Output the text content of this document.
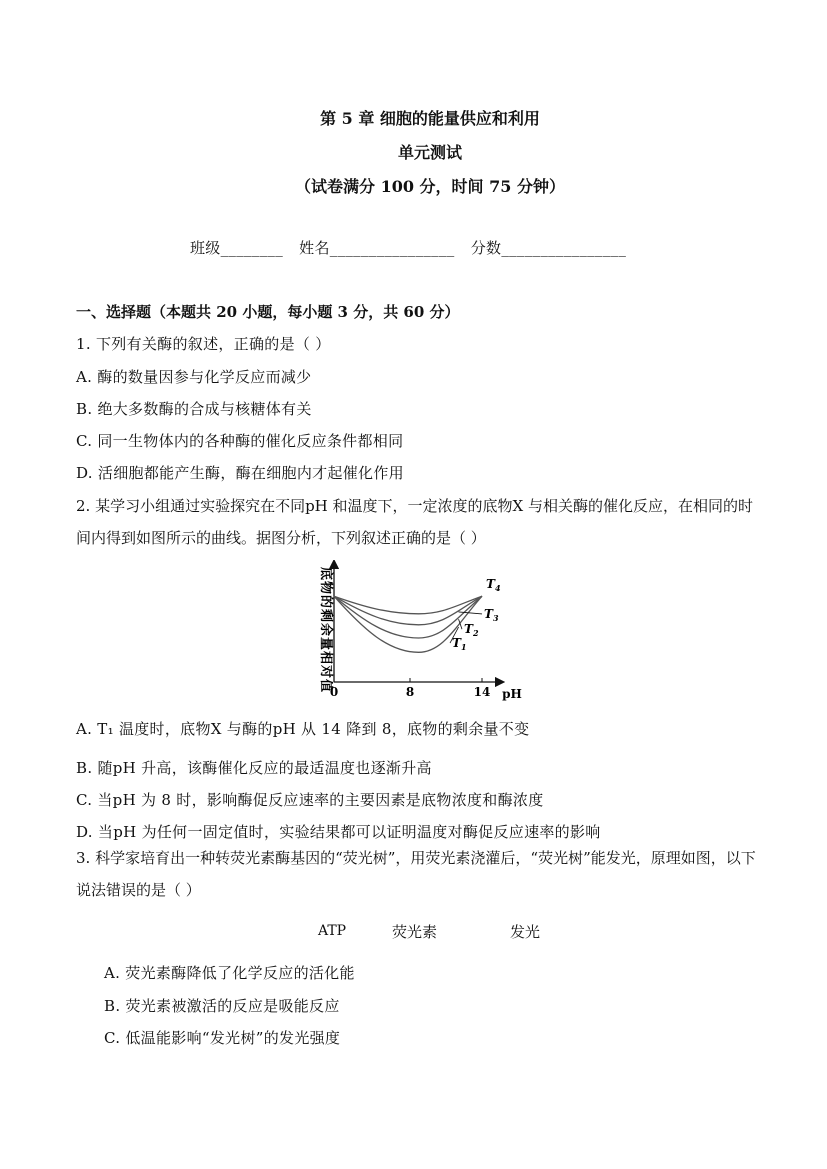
第 5 章 细胞的能量供应和利用
单元测试
（试卷满分 100 分，时间 75 分钟）
班级________ 姓名________________ 分数________________
一、选择题（本题共 20 小题，每小题 3 分，共 60 分）
1. 下列有关酶的叙述，正确的是（ ）
A. 酶的数量因参与化学反应而减少
B. 绝大多数酶的合成与核糖体有关
C. 同一生物体内的各种酶的催化反应条件都相同
D. 活细胞都能产生酶，酶在细胞内才起催化作用
2. 某学习小组通过实验探究在不同pH 和温度下，一定浓度的底物X 与相关酶的催化反应，在相同的时间内得到如图所示的曲线。据图分析，下列叙述正确的是（ ）
底物的剩余量相对值
0	8	14 pH
$T_4$
$T_3$
$T_2$
$T_1$
A. T₁ 温度时，底物X 与酶的pH 从 14 降到 8，底物的剩余量不变
B. 随pH 升高，该酶催化反应的最适温度也逐渐升高
C. 当pH 为 8 时，影响酶促反应速率的主要因素是底物浓度和酶浓度
D. 当pH 为任何一固定值时，实验结果都可以证明温度对酶促反应速率的影响
3. 科学家培育出一种转荧光素酶基因的“荧光树”，用荧光素浇灌后，“荧光树”能发光，原理如图，以下说法错误的是（ ）
ATP	荧光素	发光
A. 荧光素酶降低了化学反应的活化能
B. 荧光素被激活的反应是吸能反应
C. 低温能影响“发光树”的发光强度
